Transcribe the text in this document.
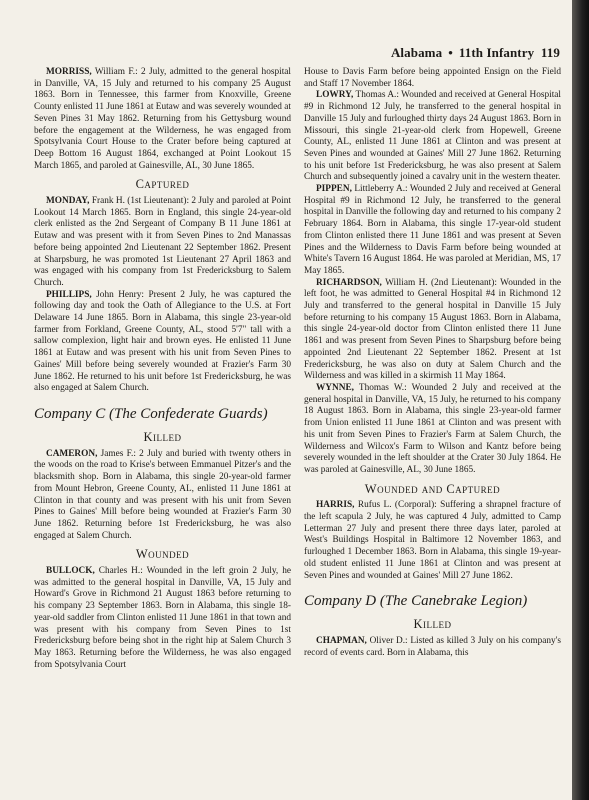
Alabama • 11th Infantry 119

MORRISS, William F.: 2 July, admitted to the general hospital in Danville, VA, 15 July and returned to his company 25 August 1863. Born in Tennessee, this farmer from Knoxville, Greene County enlisted 11 June 1861 at Eutaw and was severely wounded at Seven Pines 31 May 1862. Returning from his Gettysburg wound before the engagement at the Wilderness, he was engaged from Spotsylvania Court House to the Crater before being captured at Deep Bottom 16 August 1864, exchanged at Point Lookout 15 March 1865, and paroled at Gainesville, AL, 30 June 1865.

Captured

MONDAY, Frank H. (1st Lieutenant): 2 July and paroled at Point Lookout 14 March 1865. Born in England, this single 24-year-old clerk enlisted as the 2nd Sergeant of Company B 11 June 1861 at Eutaw and was present with it from Seven Pines to 2nd Manassas before being appointed 2nd Lieutenant 22 September 1862. Present at Sharpsburg, he was promoted 1st Lieutenant 27 April 1863 and was engaged with his company from 1st Fredericksburg to Salem Church.

PHILLIPS, John Henry: Present 2 July, he was captured the following day and took the Oath of Allegiance to the U.S. at Fort Delaware 14 June 1865. Born in Alabama, this single 23-year-old farmer from Forkland, Greene County, AL, stood 5'7" tall with a sallow complexion, light hair and brown eyes. He enlisted 11 June 1861 at Eutaw and was present with his unit from Seven Pines to Gaines' Mill before being severely wounded at Frazier's Farm 30 June 1862. He returned to his unit before 1st Fredericksburg, he was also engaged at Salem Church.

Company C (The Confederate Guards)
Killed

CAMERON, James F.: 2 July and buried with twenty others in the woods on the road to Krise's between Emmanuel Pitzer's and the blacksmith shop. Born in Alabama, this single 20-year-old farmer from Mount Hebron, Greene County, AL, enlisted 11 June 1861 at Clinton in that county and was present with his unit from Seven Pines to Gaines' Mill before being wounded at Frazier's Farm 30 June 1862. Returning before 1st Fredericksburg, he was also engaged at Salem Church.

Wounded

BULLOCK, Charles H.: Wounded in the left groin 2 July, he was admitted to the general hospital in Danville, VA, 15 July and Howard's Grove in Richmond 21 August 1863 before returning to his company 23 September 1863. Born in Alabama, this single 18-year-old saddler from Clinton enlisted 11 June 1861 in that town and was present with his company from Seven Pines to 1st Fredericksburg before being shot in the right hip at Salem Church 3 May 1863. Returning before the Wilderness, he was also engaged from Spotsylvania Court

House to Davis Farm before being appointed Ensign on the Field and Staff 17 November 1864.

LOWRY, Thomas A.: Wounded and received at General Hospital #9 in Richmond 12 July, he transferred to the general hospital in Danville 15 July and furloughed thirty days 24 August 1863. Born in Missouri, this single 21-year-old clerk from Hopewell, Greene County, AL, enlisted 11 June 1861 at Clinton and was present at Seven Pines and wounded at Gaines' Mill 27 June 1862. Returning to his unit before 1st Fredericksburg, he was also present at Salem Church and subsequently joined a cavalry unit in the western theater.

PIPPEN, Littleberry A.: Wounded 2 July and received at General Hospital #9 in Richmond 12 July, he transferred to the general hospital in Danville the following day and returned to his company 2 February 1864. Born in Alabama, this single 17-year-old student from Clinton enlisted there 11 June 1861 and was present at Seven Pines and the Wilderness to Davis Farm before being wounded at White's Tavern 16 August 1864. He was paroled at Meridian, MS, 17 May 1865.

RICHARDSON, William H. (2nd Lieutenant): Wounded in the left foot, he was admitted to General Hospital #4 in Richmond 12 July and transferred to the general hospital in Danville 15 July before returning to his company 15 August 1863. Born in Alabama, this single 24-year-old doctor from Clinton enlisted there 11 June 1861 and was present from Seven Pines to Sharpsburg before being appointed 2nd Lieutenant 22 September 1862. Present at 1st Fredericksburg, he was also on duty at Salem Church and the Wilderness and was killed in a skirmish 11 May 1864.

WYNNE, Thomas W.: Wounded 2 July and received at the general hospital in Danville, VA, 15 July, he returned to his company 18 August 1863. Born in Alabama, this single 23-year-old farmer from Union enlisted 11 June 1861 at Clinton and was present with his unit from Seven Pines to Frazier's Farm at Salem Church, the Wilderness and Wilcox's Farm to Wilson and Kantz before being severely wounded in the left shoulder at the Crater 30 July 1864. He was paroled at Gainesville, AL, 30 June 1865.

Wounded and Captured

HARRIS, Rufus L. (Corporal): Suffering a shrapnel fracture of the left scapula 2 July, he was captured 4 July, admitted to Camp Letterman 27 July and present there three days later, paroled at West's Buildings Hospital in Baltimore 12 November 1863, and furloughed 1 December 1863. Born in Alabama, this single 19-year-old student enlisted 11 June 1861 at Clinton and was present at Seven Pines and wounded at Gaines' Mill 27 June 1862.

Company D (The Canebrake Legion)
Killed

CHAPMAN, Oliver D.: Listed as killed 3 July on his company's record of events card. Born in Alabama, this
